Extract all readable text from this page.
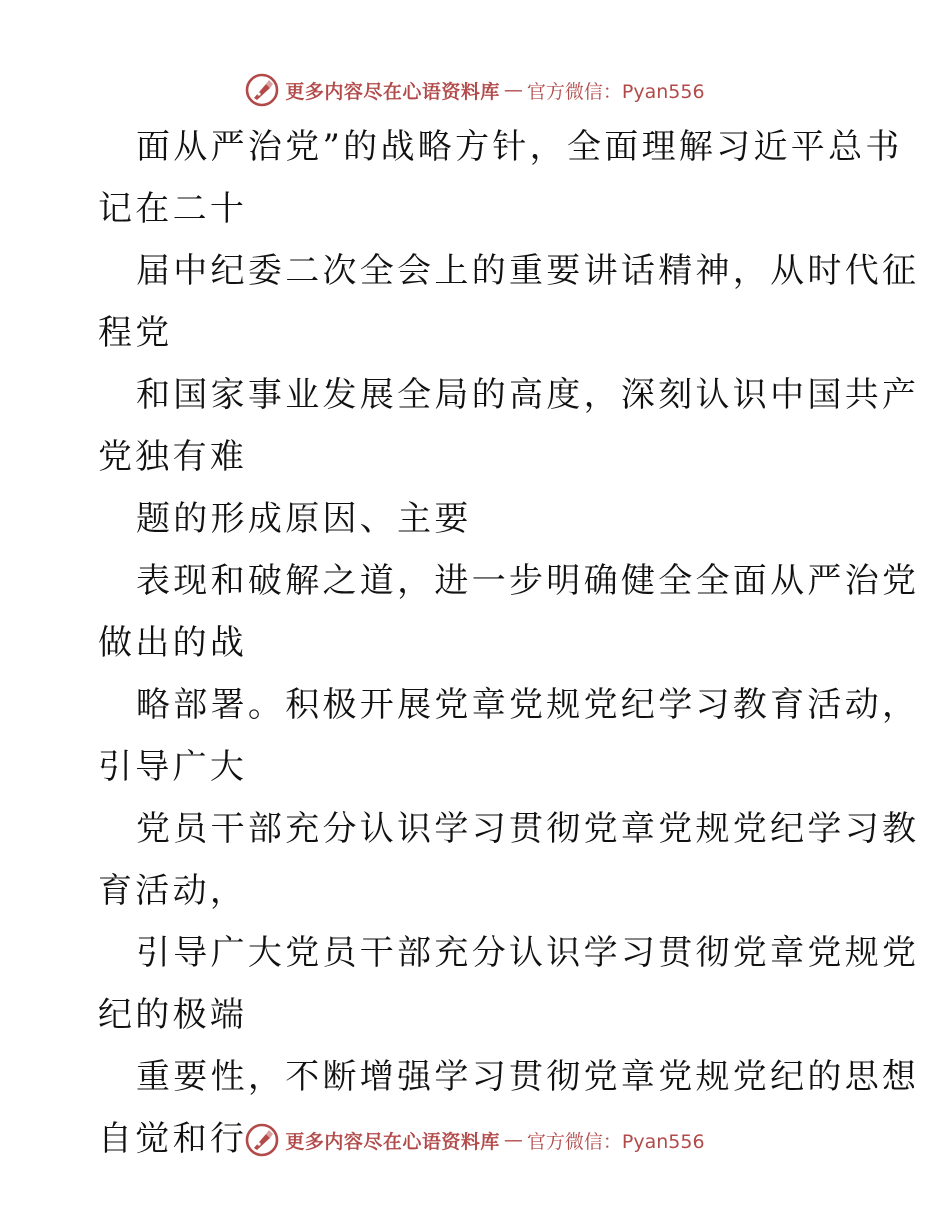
更多内容尽在心语资料库 — 官方微信：Pyan556
面从严治党”的战略方针，全面理解习近平总书
记在二十
届中纪委二次全会上的重要讲话精神，从时代征
程党
和国家事业发展全局的高度，深刻认识中国共产
党独有难
题的形成原因、主要
表现和破解之道，进一步明确健全全面从严治党
做出的战
略部署。积极开展党章党规党纪学习教育活动，
引导广大
党员干部充分认识学习贯彻党章党规党纪学习教
育活动，
引导广大党员干部充分认识学习贯彻党章党规党
纪的极端
重要性，不断增强学习贯彻党章党规党纪的思想
自觉和行	更多内容尽在心语资料库 — 官方微信：Pyan556
